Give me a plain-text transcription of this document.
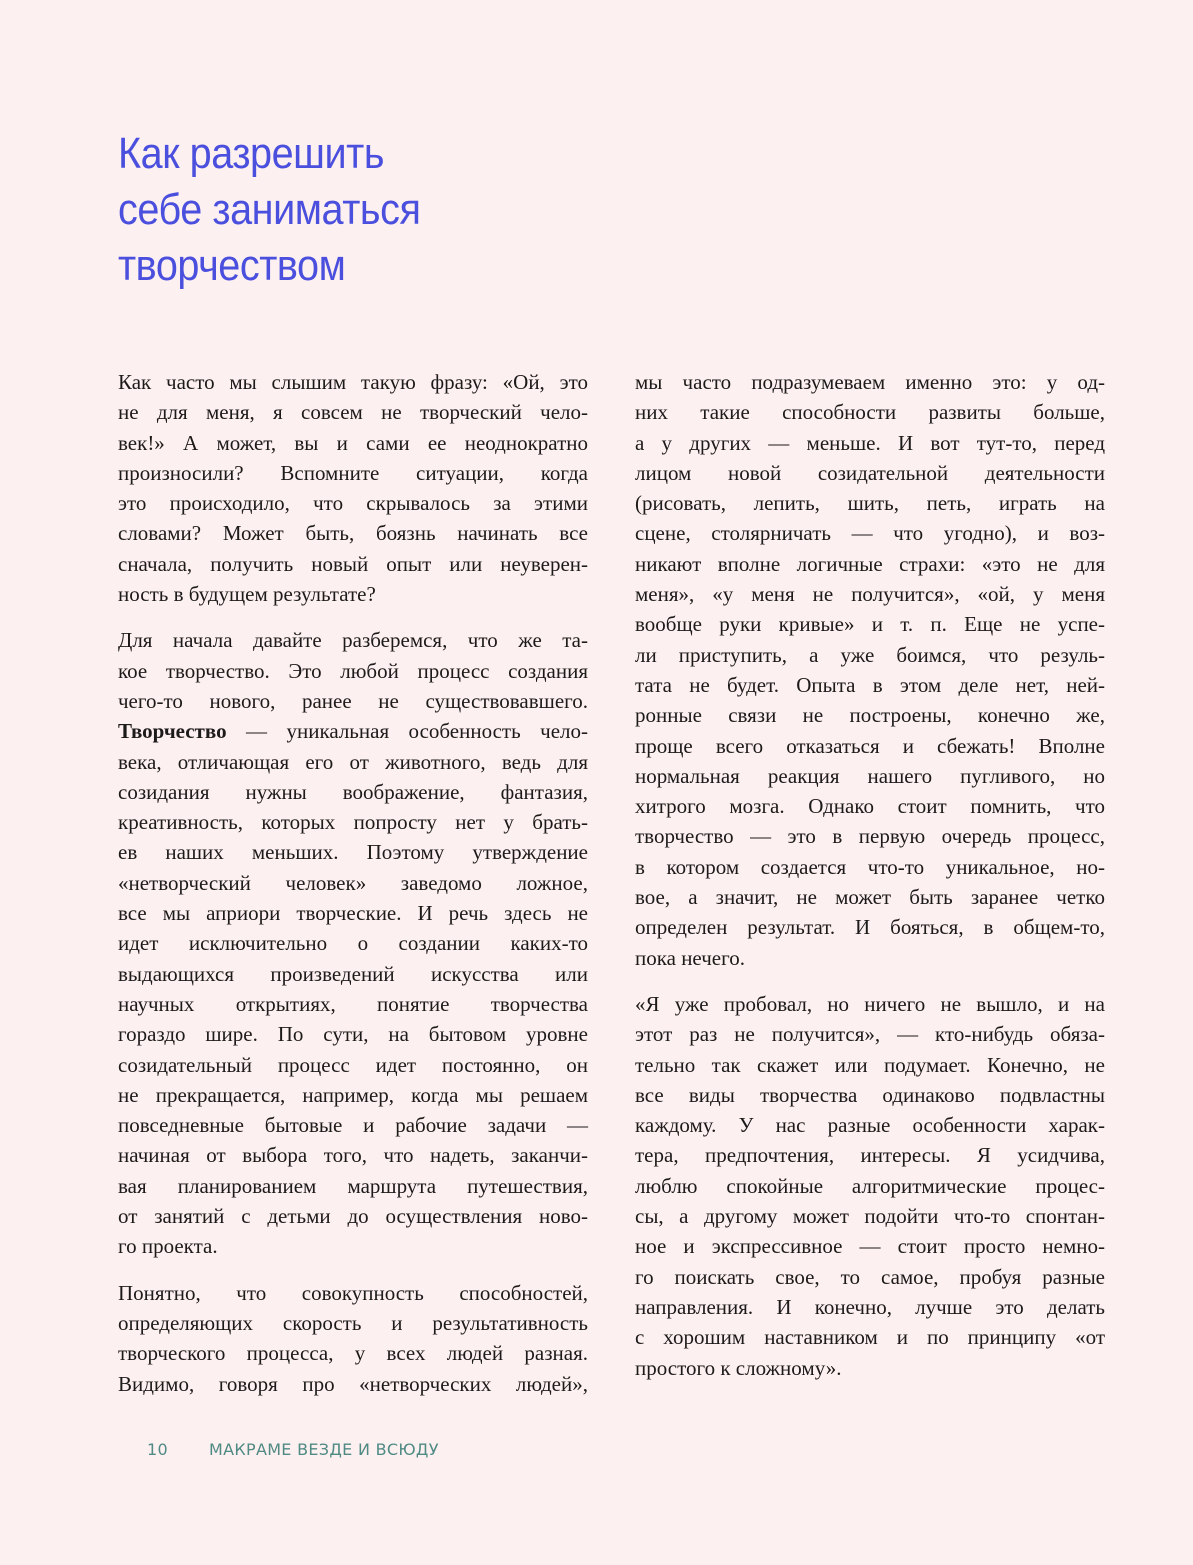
Как разрешить
себе заниматься
творчеством

Как часто мы слышим такую фразу: «Ой, это
не для меня, я совсем не творческий чело-
век!» А может, вы и сами ее неоднократно
произносили? Вспомните ситуации, когда
это происходило, что скрывалось за этими
словами? Может быть, боязнь начинать все
сначала, получить новый опыт или неуверен-
ность в будущем результате?

Для начала давайте разберемся, что же та-
кое творчество. Это любой процесс создания
чего-то нового, ранее не существовавшего.
Творчество — уникальная особенность чело-
века, отличающая его от животного, ведь для
созидания нужны воображение, фантазия,
креативность, которых попросту нет у брать-
ев наших меньших. Поэтому утверждение
«нетворческий человек» заведомо ложное,
все мы априори творческие. И речь здесь не
идет исключительно о создании каких-то
выдающихся произведений искусства или
научных открытиях, понятие творчества
гораздо шире. По сути, на бытовом уровне
созидательный процесс идет постоянно, он
не прекращается, например, когда мы решаем
повседневные бытовые и рабочие задачи —
начиная от выбора того, что надеть, заканчи-
вая планированием маршрута путешествия,
от занятий с детьми до осуществления ново-
го проекта.

Понятно, что совокупность способностей,
определяющих скорость и результативность
творческого процесса, у всех людей разная.
Видимо, говоря про «нетворческих людей»,

мы часто подразумеваем именно это: у од-
них такие способности развиты больше,
а у других — меньше. И вот тут-то, перед
лицом новой созидательной деятельности
(рисовать, лепить, шить, петь, играть на
сцене, столярничать — что угодно), и воз-
никают вполне логичные страхи: «это не для
меня», «у меня не получится», «ой, у меня
вообще руки кривые» и т. п. Еще не успе-
ли приступить, а уже боимся, что резуль-
тата не будет. Опыта в этом деле нет, ней-
ронные связи не построены, конечно же,
проще всего отказаться и сбежать! Вполне
нормальная реакция нашего пугливого, но
хитрого мозга. Однако стоит помнить, что
творчество — это в первую очередь процесс,
в котором создается что-то уникальное, но-
вое, а значит, не может быть заранее четко
определен результат. И бояться, в общем-то,
пока нечего.

«Я уже пробовал, но ничего не вышло, и на
этот раз не получится», — кто-нибудь обяза-
тельно так скажет или подумает. Конечно, не
все виды творчества одинаково подвластны
каждому. У нас разные особенности харак-
тера, предпочтения, интересы. Я усидчива,
люблю спокойные алгоритмические процес-
сы, а другому может подойти что-то спонтан-
ное и экспрессивное — стоит просто немно-
го поискать свое, то самое, пробуя разные
направления. И конечно, лучше это делать
с хорошим наставником и по принципу «от
простого к сложному».

10	МАКРАМЕ ВЕЗДЕ И ВСЮДУ
